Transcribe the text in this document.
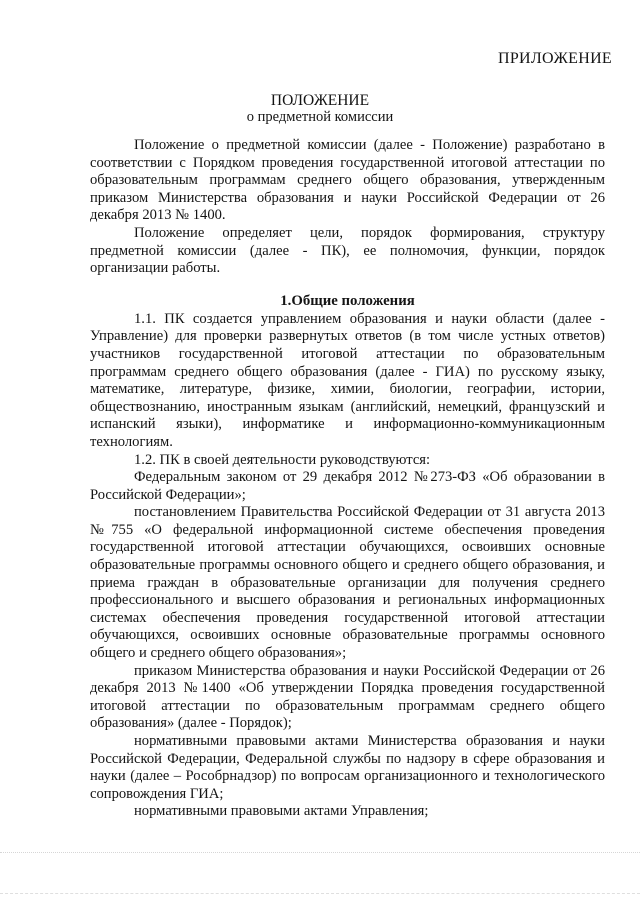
ПРИЛОЖЕНИЕ
ПОЛОЖЕНИЕ
о предметной комиссии

Положение о предметной комиссии (далее - Положение) разработано в соответствии с Порядком проведения государственной итоговой аттестации по образовательным программам среднего общего образования, утвержденным приказом Министерства образования и науки Российской Федерации от 26 декабря 2013 № 1400.

Положение определяет цели, порядок формирования, структуру предметной комиссии (далее - ПК), ее полномочия, функции, порядок организации работы.

1.Общие положения

1.1. ПК создается управлением образования и науки области (далее - Управление) для проверки развернутых ответов (в том числе устных ответов) участников государственной итоговой аттестации по образовательным программам среднего общего образования (далее - ГИА) по русскому языку, математике, литературе, физике, химии, биологии, географии, истории, обществознанию, иностранным языкам (английский, немецкий, французский и испанский языки), информатике и информационно-коммуникационным технологиям.

1.2. ПК в своей деятельности руководствуются:

Федеральным законом от 29 декабря 2012 №273-ФЗ «Об образовании в Российской Федерации»;

постановлением Правительства Российской Федерации от 31 августа 2013 №755 «О федеральной информационной системе обеспечения проведения государственной итоговой аттестации обучающихся, освоивших основные образовательные программы основного общего и среднего общего образования, и приема граждан в образовательные организации для получения среднего профессионального и высшего образования и региональных информационных системах обеспечения проведения государственной итоговой аттестации обучающихся, освоивших основные образовательные программы основного общего и среднего общего образования»;

приказом Министерства образования и науки Российской Федерации от 26 декабря 2013 №1400 «Об утверждении Порядка проведения государственной итоговой аттестации по образовательным программам среднего общего образования» (далее - Порядок);

нормативными правовыми актами Министерства образования и науки Российской Федерации, Федеральной службы по надзору в сфере образования и науки (далее – Рособрнадзор) по вопросам организационного и технологического сопровождения ГИА;

нормативными правовыми актами Управления;
